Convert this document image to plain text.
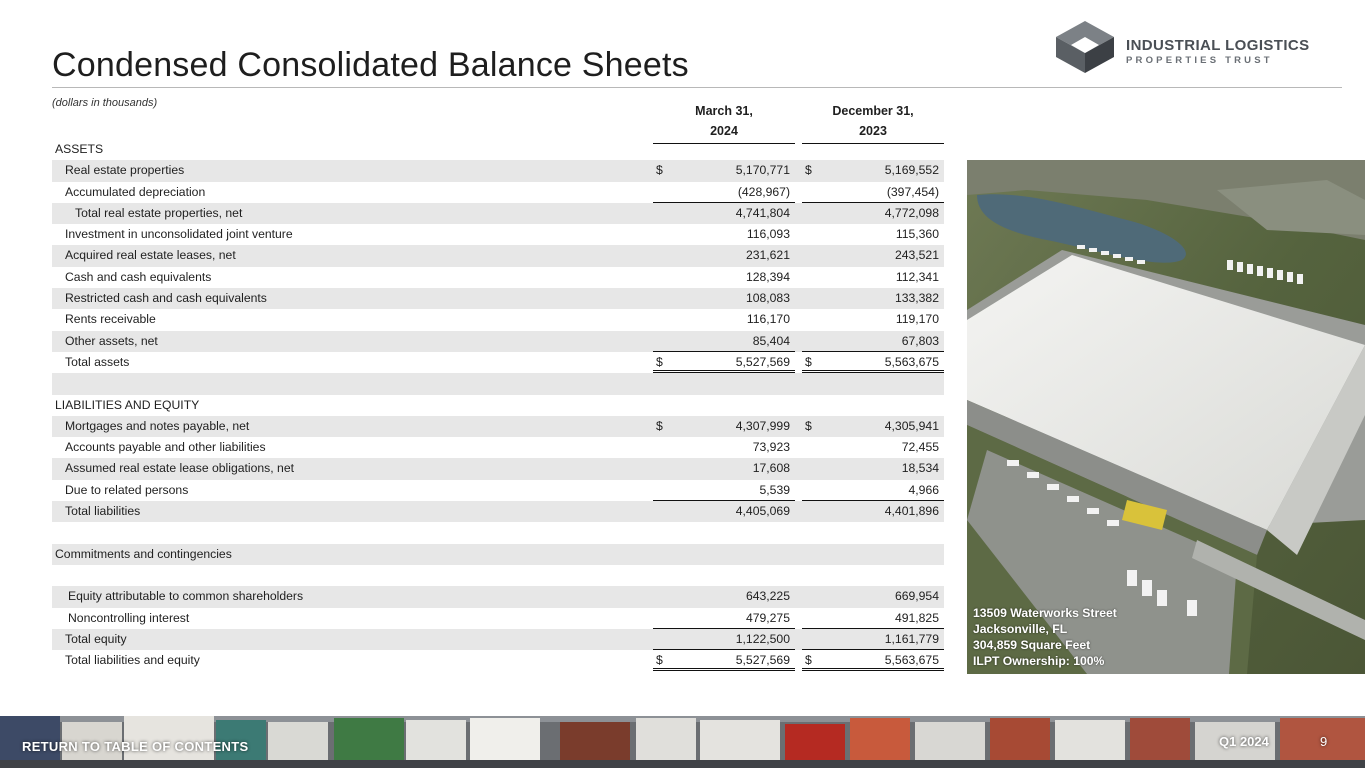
Condensed Consolidated Balance Sheets
INDUSTRIAL LOGISTICS
PROPERTIES TRUST
(dollars in thousands)
March 31,
2024
December 31,
2023
ASSETS
Real estate properties	$	5,170,771 $	5,169,552
Accumulated depreciation	(428,967)	(397,454)
Total real estate properties, net	4,741,804	4,772,098
Investment in unconsolidated joint venture	116,093	115,360
Acquired real estate leases, net	231,621	243,521
Cash and cash equivalents	128,394	112,341
Restricted cash and cash equivalents	108,083	133,382
Rents receivable	116,170	119,170
Other assets, net	85,404	67,803
Total assets	$	5,527,569 $	5,563,675
LIABILITIES AND EQUITY
Mortgages and notes payable, net	$	4,307,999 $	4,305,941
Accounts payable and other liabilities	73,923	72,455
Assumed real estate lease obligations, net	17,608	18,534
Due to related persons	5,539	4,966
Total liabilities	4,405,069	4,401,896
Commitments and contingencies
Equity attributable to common shareholders	643,225	669,954
Noncontrolling interest	479,275	491,825
Total equity	1,122,500	1,161,779
Total liabilities and equity	$	5,527,569 $	5,563,675
13509 Waterworks Street
Jacksonville, FL
304,859 Square Feet
ILPT Ownership: 100%
RETURN TO TABLE OF CONTENTS	Q1 2024	9
